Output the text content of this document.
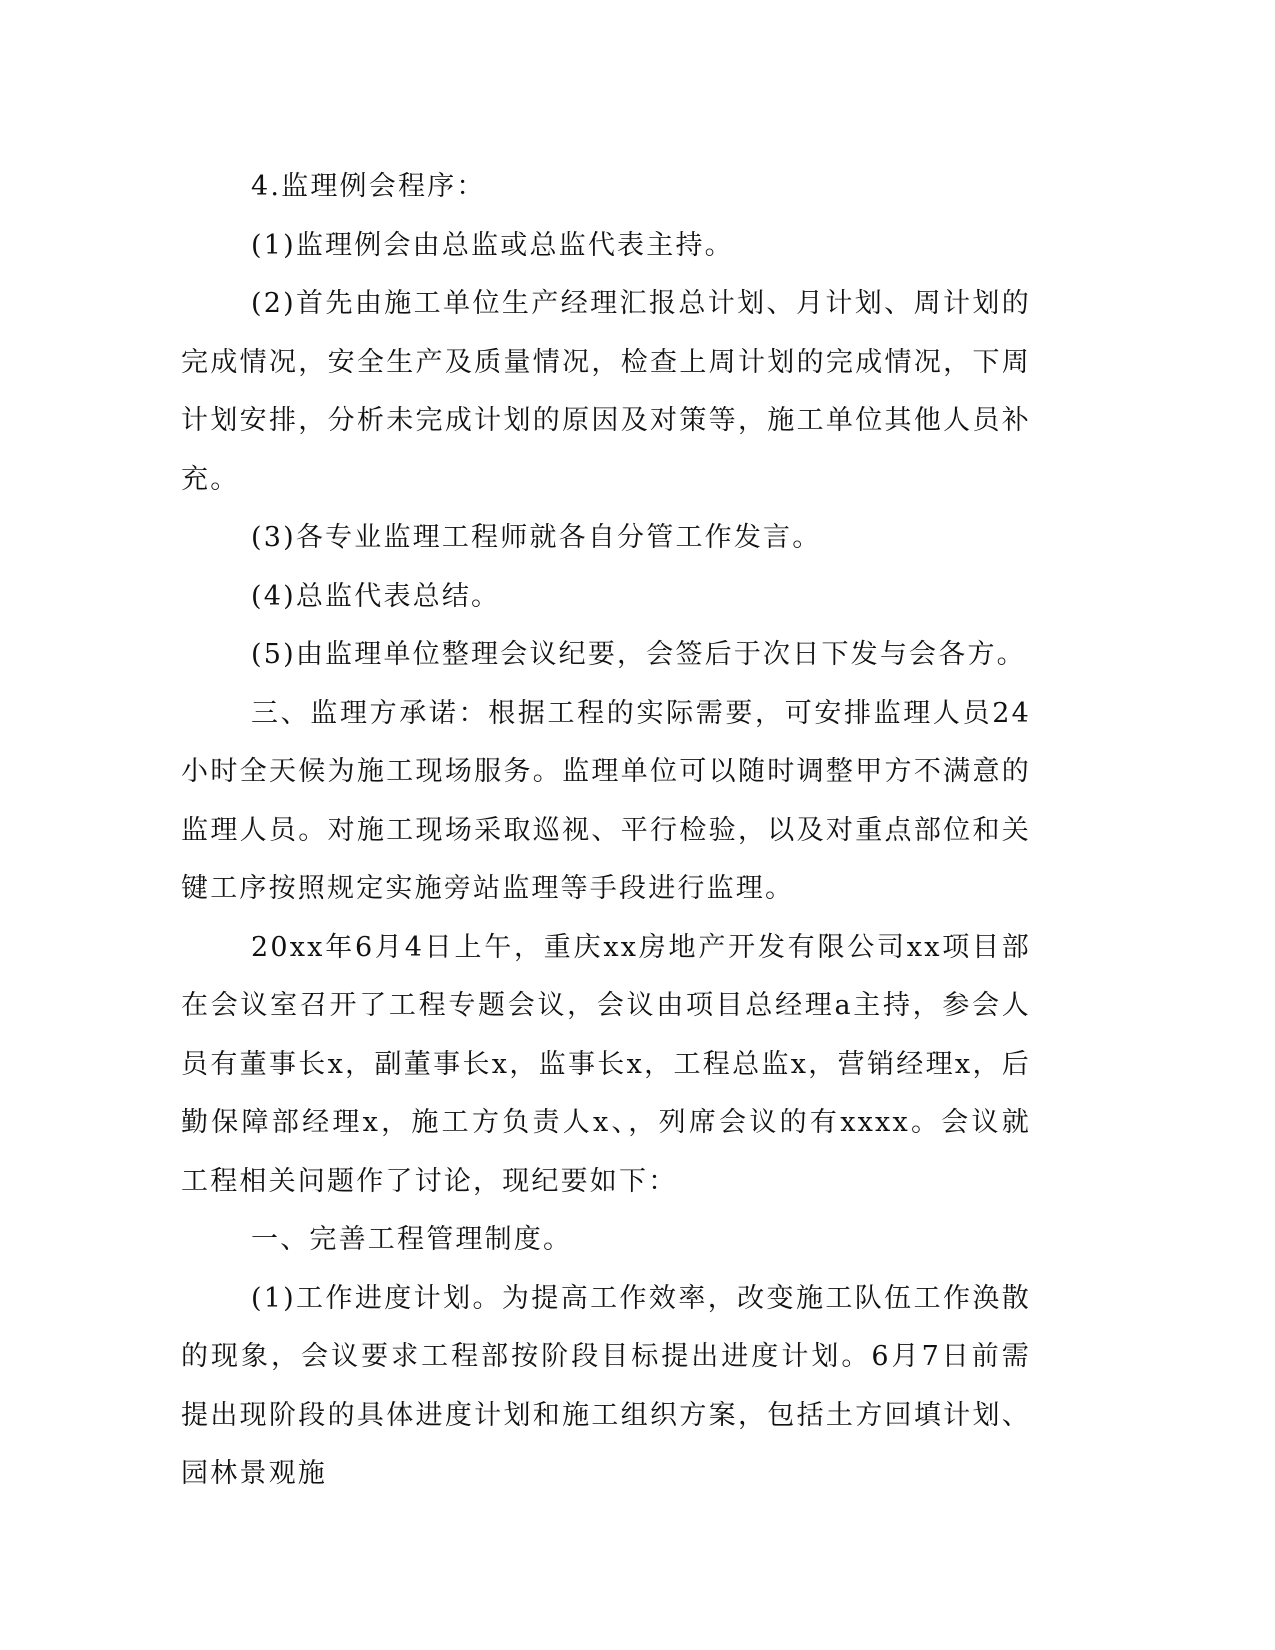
4.监理例会程序：

(1)监理例会由总监或总监代表主持。

(2)首先由施工单位生产经理汇报总计划、月计划、周计划的完成情况，安全生产及质量情况，检查上周计划的完成情况，下周计划安排，分析未完成计划的原因及对策等，施工单位其他人员补充。

(3)各专业监理工程师就各自分管工作发言。

(4)总监代表总结。

(5)由监理单位整理会议纪要，会签后于次日下发与会各方。

三、监理方承诺：根据工程的实际需要，可安排监理人员24小时全天候为施工现场服务。监理单位可以随时调整甲方不满意的监理人员。对施工现场采取巡视、平行检验，以及对重点部位和关键工序按照规定实施旁站监理等手段进行监理。

20xx年6月4日上午，重庆xx房地产开发有限公司xx项目部在会议室召开了工程专题会议，会议由项目总经理a主持，参会人员有董事长x，副董事长x，监事长x，工程总监x，营销经理x，后勤保障部经理x，施工方负责人x、，列席会议的有xxxx。会议就工程相关问题作了讨论，现纪要如下：

一、完善工程管理制度。

(1)工作进度计划。为提高工作效率，改变施工队伍工作涣散的现象，会议要求工程部按阶段目标提出进度计划。6月7日前需提出现阶段的具体进度计划和施工组织方案，包括土方回填计划、园林景观施
